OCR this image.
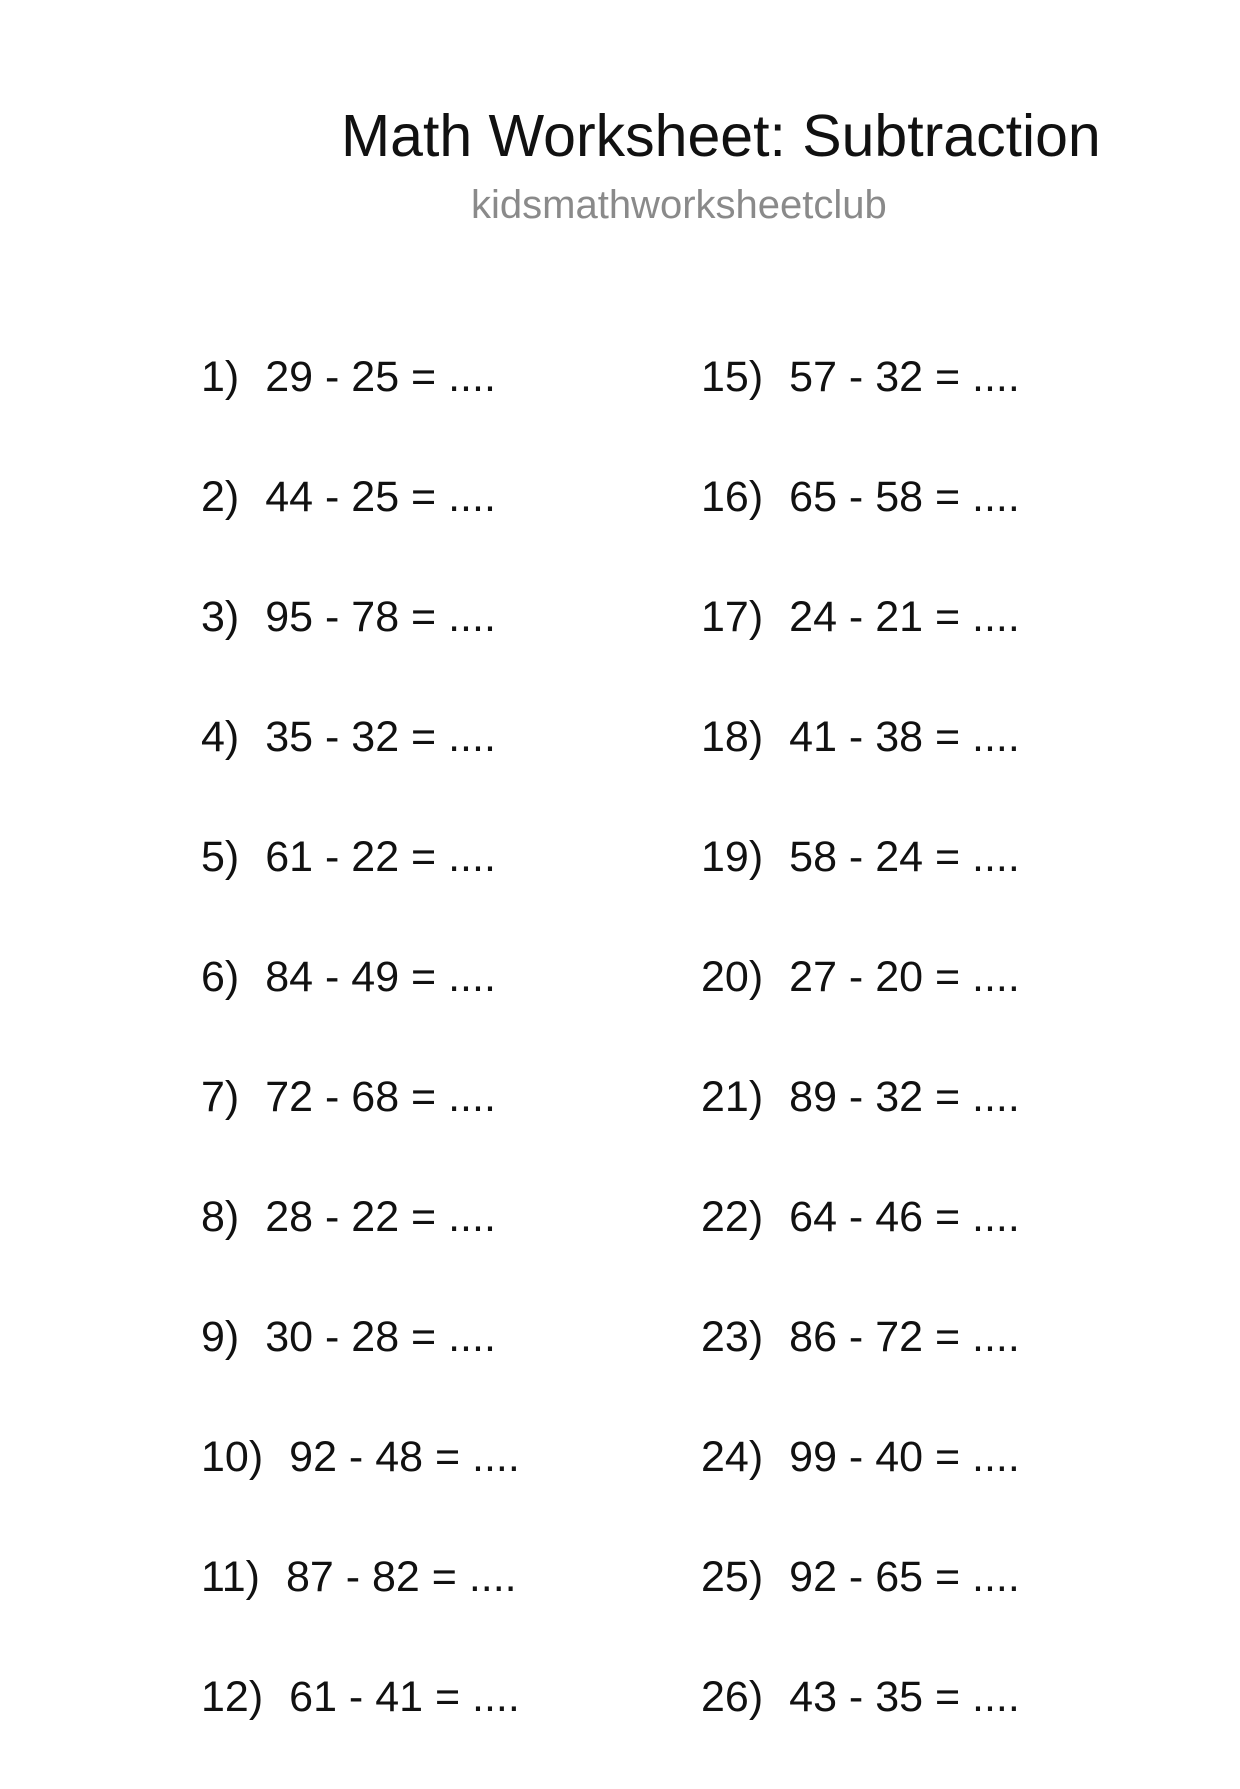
Math Worksheet: Subtraction
kidsmathworksheetclub
1) 29 - 25 = ....
2) 44 - 25 = ....
3) 95 - 78 = ....
4) 35 - 32 = ....
5) 61 - 22 = ....
6) 84 - 49 = ....
7) 72 - 68 = ....
8) 28 - 22 = ....
9) 30 - 28 = ....
10) 92 - 48 = ....
11) 87 - 82 = ....
12) 61 - 41 = ....
15) 57 - 32 = ....
16) 65 - 58 = ....
17) 24 - 21 = ....
18) 41 - 38 = ....
19) 58 - 24 = ....
20) 27 - 20 = ....
21) 89 - 32 = ....
22) 64 - 46 = ....
23) 86 - 72 = ....
24) 99 - 40 = ....
25) 92 - 65 = ....
26) 43 - 35 = ....
